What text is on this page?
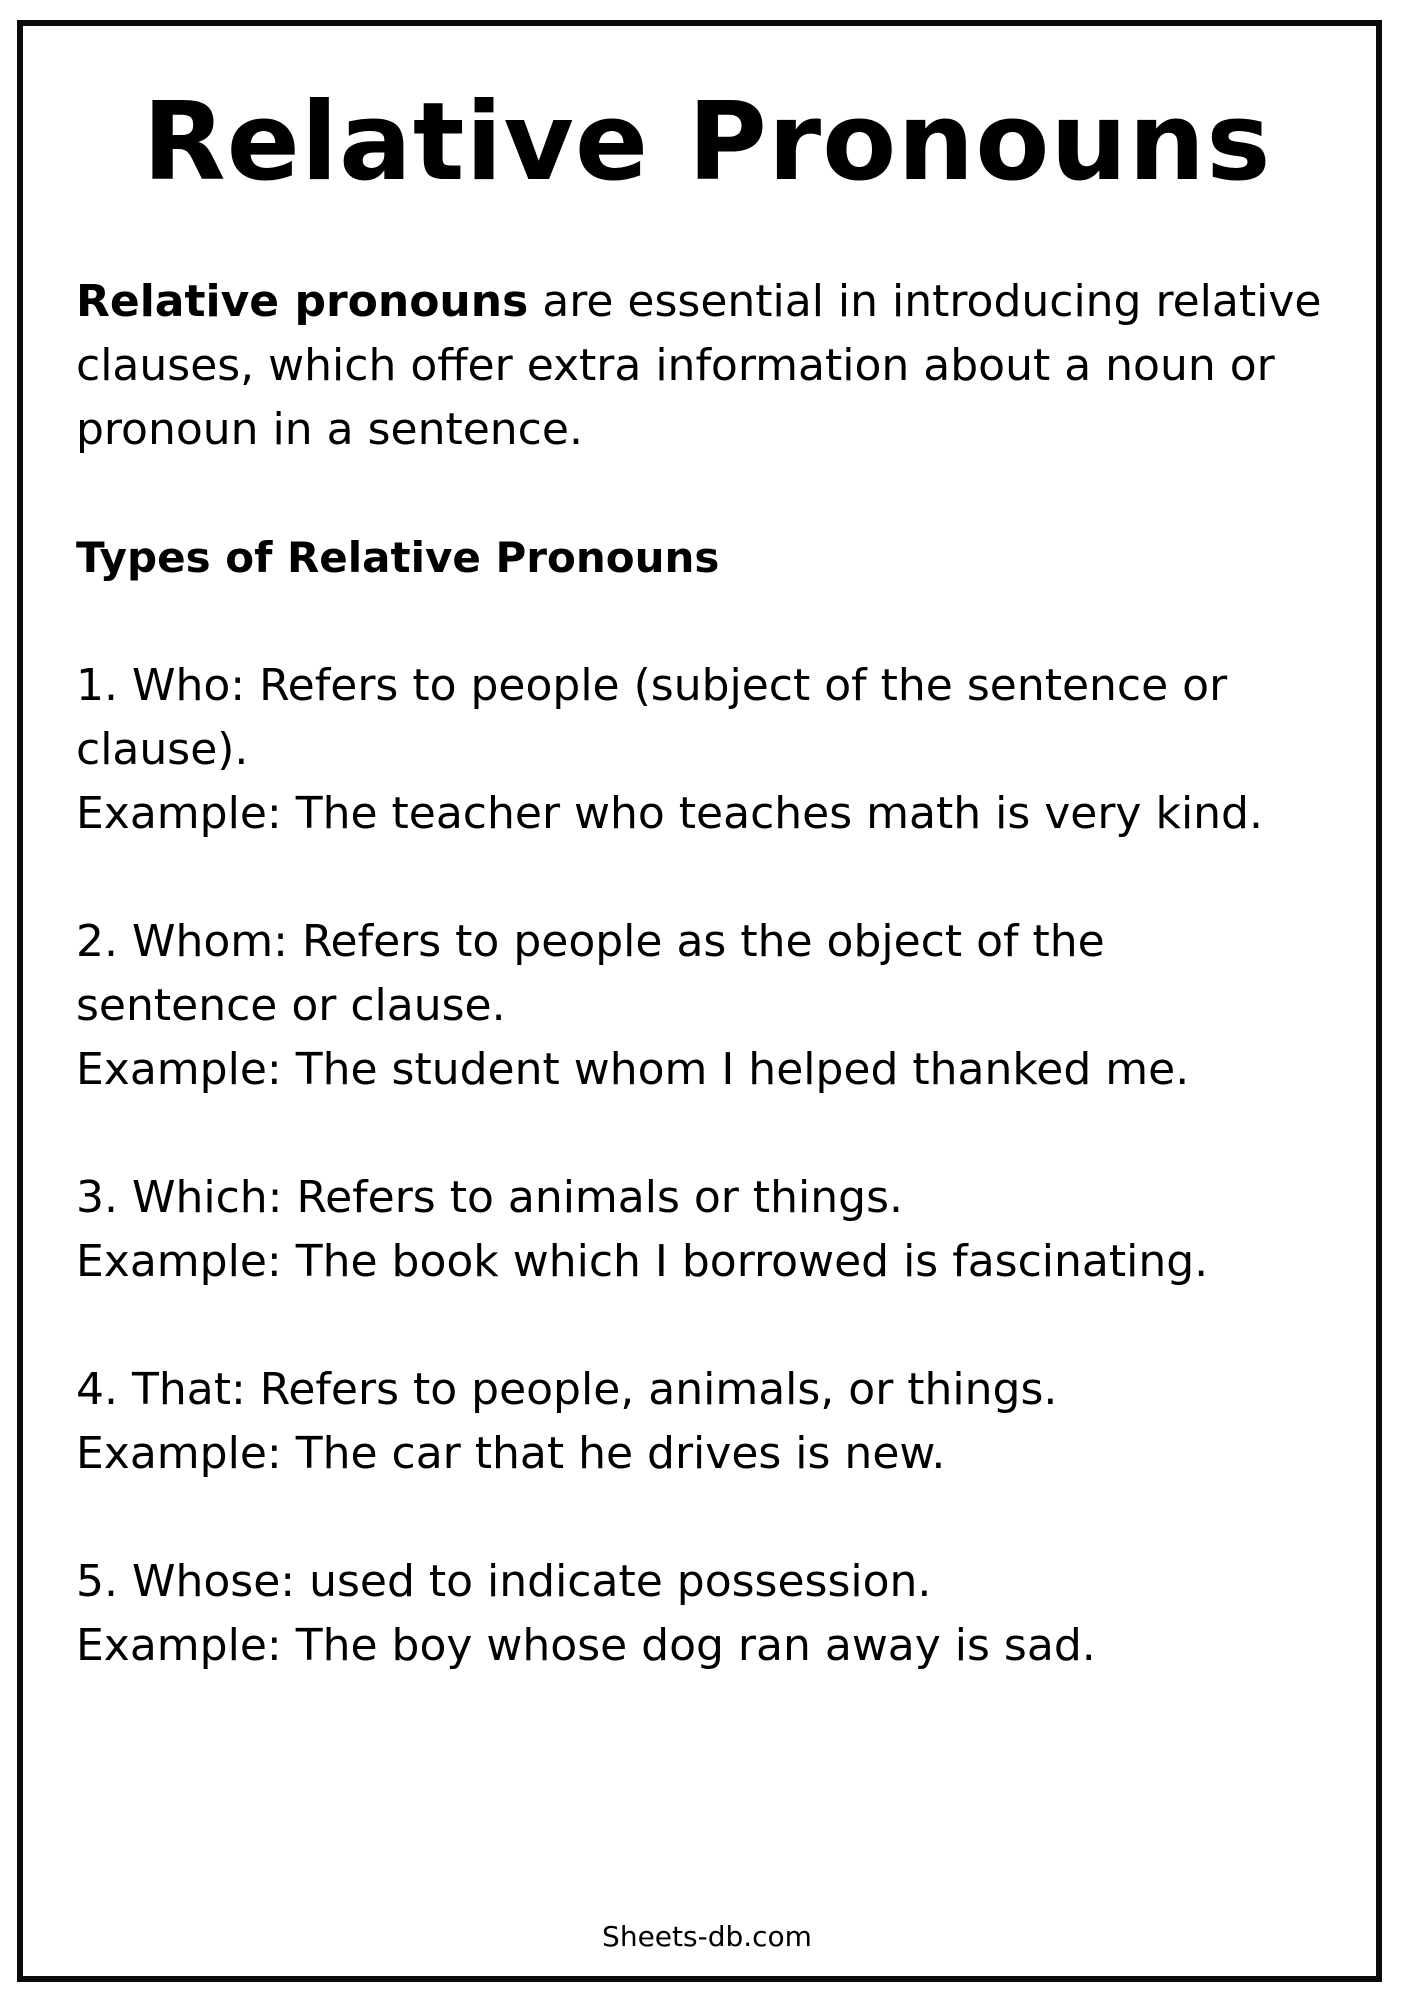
Relative Pronouns

Relative pronouns are essential in introducing relative clauses, which offer extra information about a noun or pronoun in a sentence.

Types of Relative Pronouns

1. Who: Refers to people (subject of the sentence or clause).

Example: The teacher who teaches math is very kind.

2. Whom: Refers to people as the object of the sentence or clause.

Example: The student whom I helped thanked me.

3. Which: Refers to animals or things.

Example: The book which I borrowed is fascinating.

4. That: Refers to people, animals, or things.

Example: The car that he drives is new.

5. Whose: used to indicate possession.

Example: The boy whose dog ran away is sad.

Sheets-db.com
